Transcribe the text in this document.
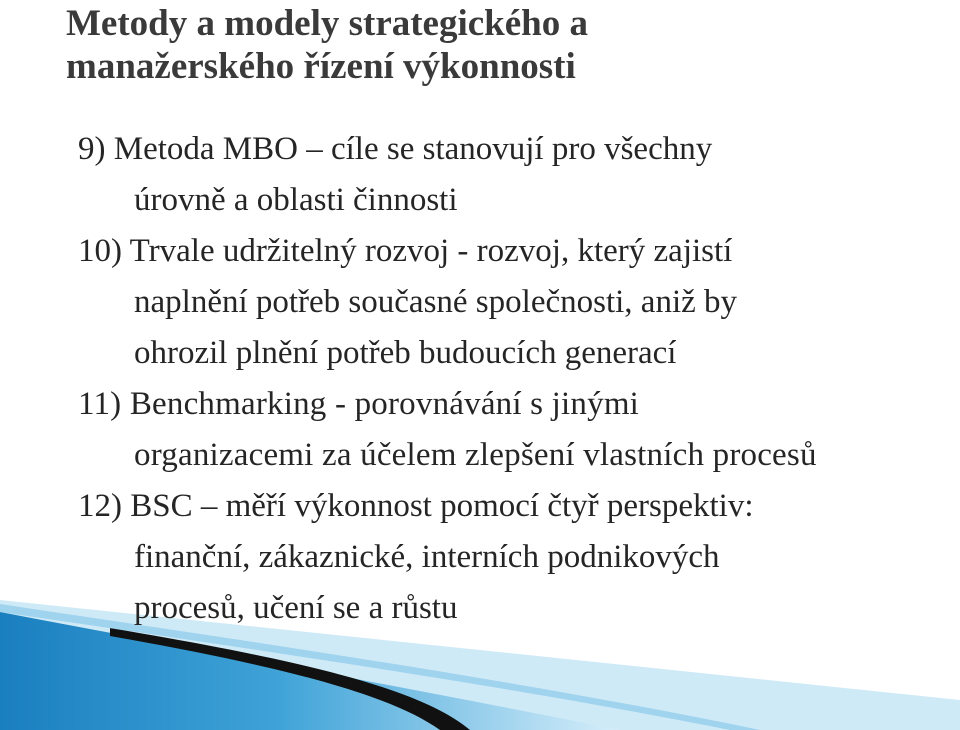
Metody a modely strategického a
manažerského řízení výkonnosti
9) Metoda MBO – cíle se stanovují pro všechny
úrovně a oblasti činnosti
10) Trvale udržitelný rozvoj - rozvoj, který zajistí
naplnění potřeb současné společnosti, aniž by
ohrozil plnění potřeb budoucích generací
11) Benchmarking - porovnávání s jinými
organizacemi za účelem zlepšení vlastních procesů
12) BSC – měří výkonnost pomocí čtyř perspektiv:
finanční, zákaznické, interních podnikových
procesů, učení se a růstu
